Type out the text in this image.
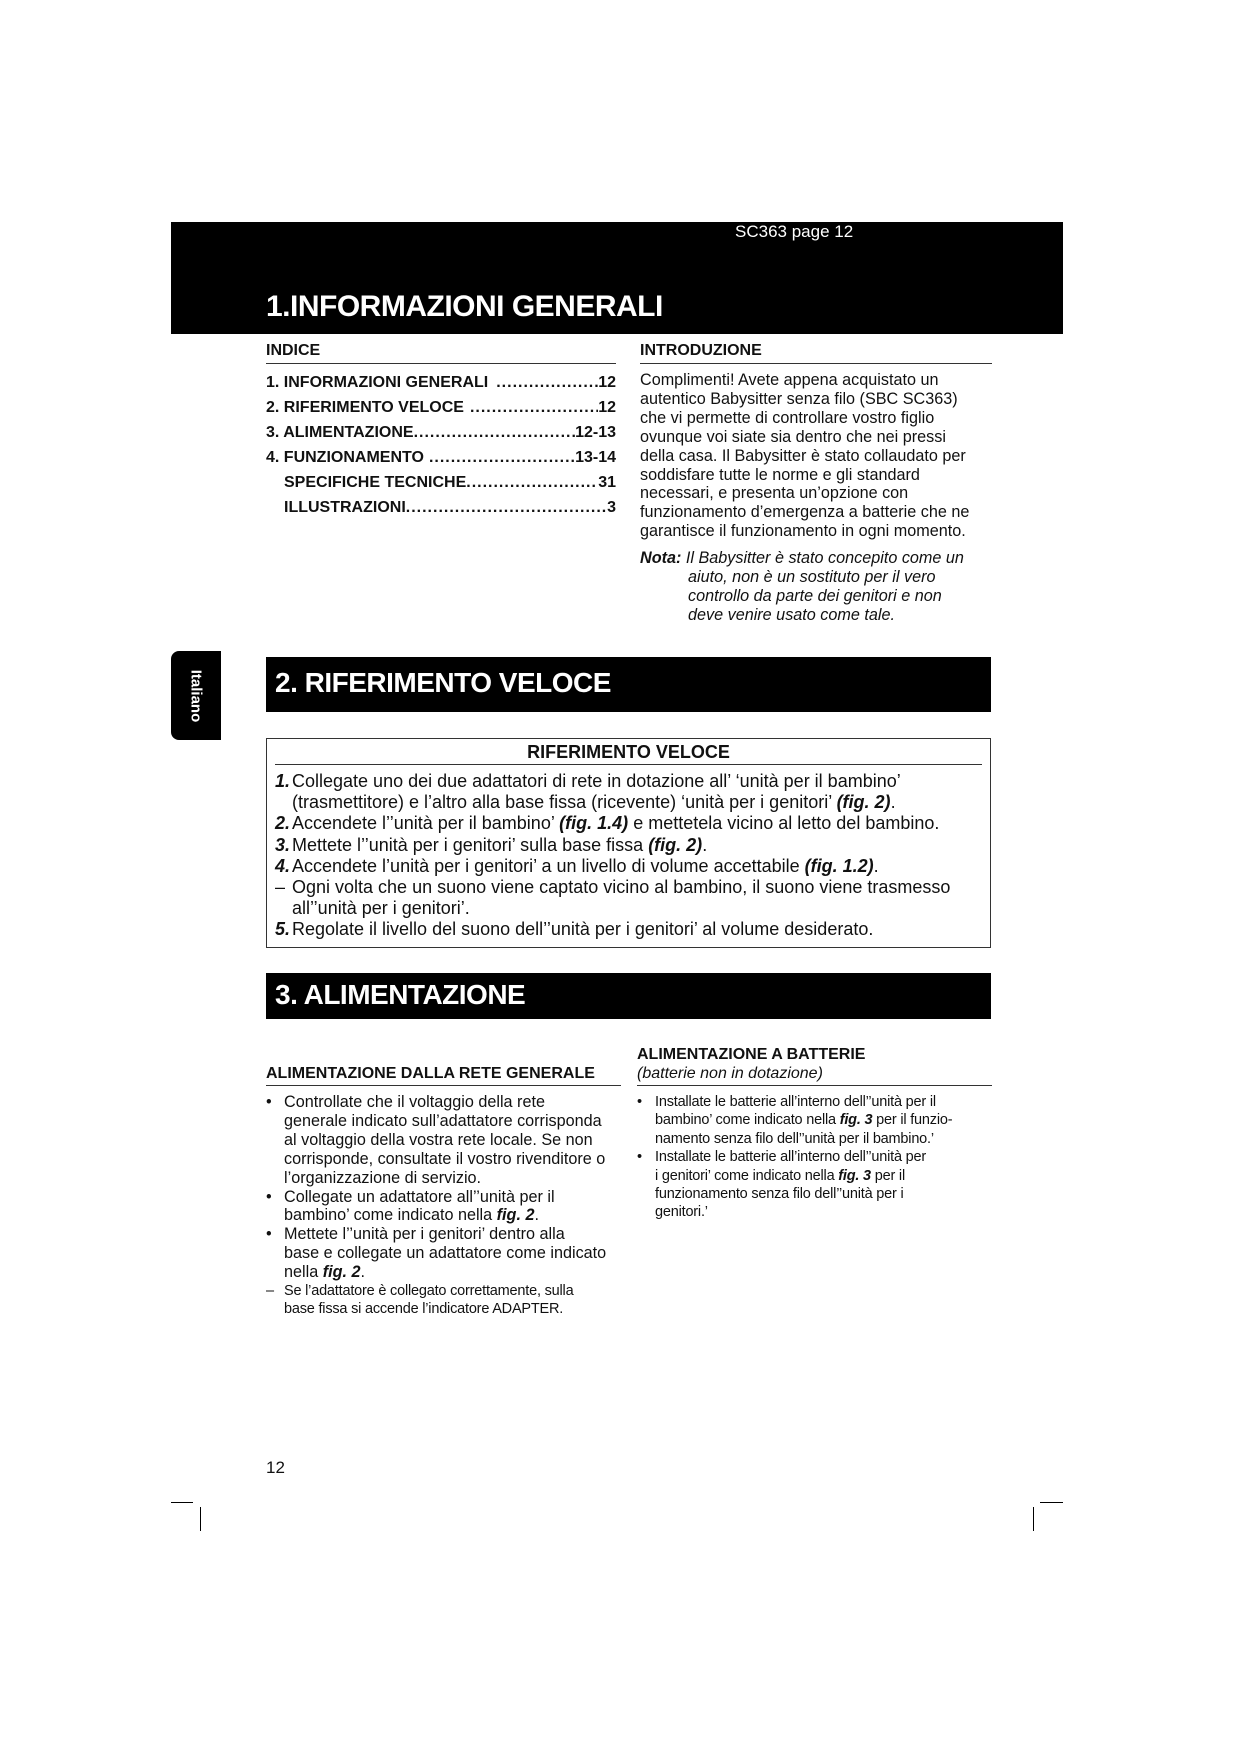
SC363 page 12
1.INFORMAZIONI GENERALI
INDICE
1. INFORMAZIONI GENERALI .....	12
2. RIFERIMENTO VELOCE .....	12
3. ALIMENTAZIONE .....	12-13
4. FUNZIONAMENTO .....	13-14
SPECIFICHE TECNICHE .....	31
ILLUSTRAZIONI .....	3
INTRODUZIONE
Complimenti! Avete appena acquistato un
autentico Babysitter senza filo (SBC SC363)
che vi permette di controllare vostro figlio
ovunque voi siate sia dentro che nei pressi
della casa. Il Babysitter è stato collaudato per
soddisfare tutte le norme e gli standard
necessari, e presenta un’opzione con
funzionamento d’emergenza a batterie che ne
garantisce il funzionamento in ogni momento.
Nota: Il Babysitter è stato concepito come un
aiuto, non è un sostituto per il vero
controllo da parte dei genitori e non
deve venire usato come tale.
Italiano	2. RIFERIMENTO VELOCE
RIFERIMENTO VELOCE
1. Collegate uno dei due adattatori di rete in dotazione all’ ‘unità per il bambino’
(trasmettitore) e l’altro alla base fissa (ricevente) ‘unità per i genitori’ (fig. 2).
2. Accendete l’’unità per il bambino’ (fig. 1.4) e mettetela vicino al letto del bambino.
3. Mettete l’’unità per i genitori’ sulla base fissa (fig. 2).
4. Accendete l’unità per i genitori’ a un livello di volume accettabile (fig. 1.2).
– Ogni volta che un suono viene captato vicino al bambino, il suono viene trasmesso
all’’unità per i genitori’.
5. Regolate il livello del suono dell’’unità per i genitori’ al volume desiderato.
3. ALIMENTAZIONE
ALIMENTAZIONE DALLA RETE GENERALE
• Controllate che il voltaggio della rete
generale indicato sull’adattatore corrisponda
al voltaggio della vostra rete locale. Se non
corrisponde, consultate il vostro rivenditore o
l’organizzazione di servizio.
• Collegate un adattatore all’’unità per il
bambino’ come indicato nella fig. 2.
• Mettete l’’unità per i genitori’ dentro alla
base e collegate un adattatore come indicato
nella fig. 2.
– Se l’adattatore è collegato correttamente, sulla
base fissa si accende l’indicatore ADAPTER.
ALIMENTAZIONE A BATTERIE
(batterie non in dotazione)
• Installate le batterie all’interno dell’’unità per il
bambino’ come indicato nella fig. 3 per il funzio-
namento senza filo dell’’unità per il bambino.’
• Installate le batterie all’interno dell’’unità per
i genitori’ come indicato nella fig. 3 per il
funzionamento senza filo dell’’unità per i
genitori.’
12
